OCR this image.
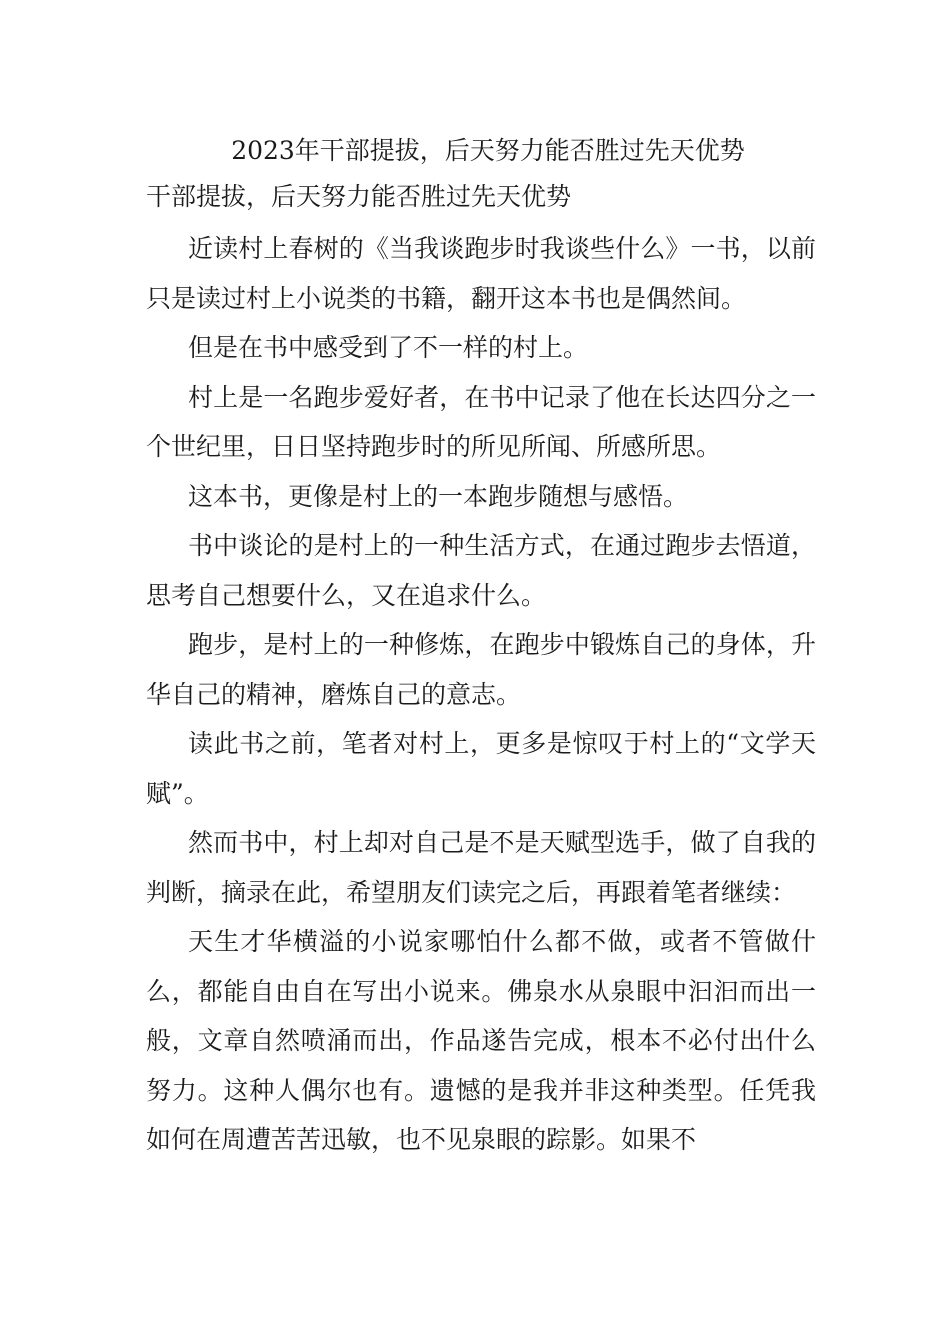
2023年干部提拔，后天努力能否胜过先天优势
干部提拔，后天努力能否胜过先天优势

近读村上春树的《当我谈跑步时我谈些什么》一书，以前只是读过村上小说类的书籍，翻开这本书也是偶然间。

但是在书中感受到了不一样的村上。

村上是一名跑步爱好者，在书中记录了他在长达四分之一个世纪里，日日坚持跑步时的所见所闻、所感所思。

这本书，更像是村上的一本跑步随想与感悟。

书中谈论的是村上的一种生活方式，在通过跑步去悟道，思考自己想要什么，又在追求什么。

跑步，是村上的一种修炼，在跑步中锻炼自己的身体，升华自己的精神，磨炼自己的意志。

读此书之前，笔者对村上，更多是惊叹于村上的“文学天赋”。

然而书中，村上却对自己是不是天赋型选手，做了自我的判断，摘录在此，希望朋友们读完之后，再跟着笔者继续：

天生才华横溢的小说家哪怕什么都不做，或者不管做什么，都能自由自在写出小说来。佛泉水从泉眼中汩汩而出一般，文章自然喷涌而出，作品遂告完成，根本不必付出什么努力。这种人偶尔也有。遗憾的是我并非这种类型。任凭我如何在周遭苦苦迅敏，也不见泉眼的踪影。如果不
